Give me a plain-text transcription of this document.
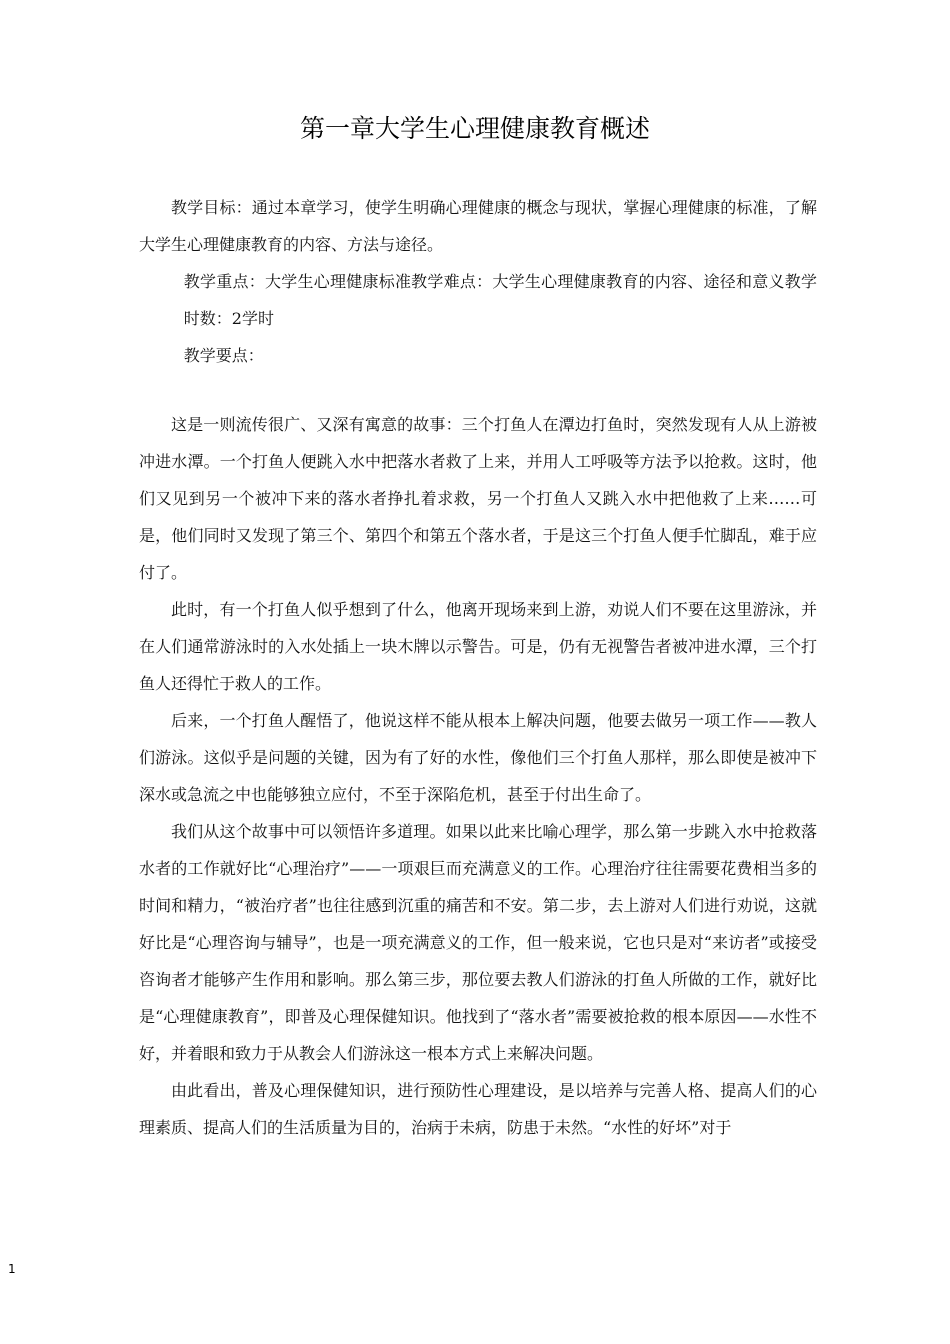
第一章大学生心理健康教育概述

教学目标：通过本章学习，使学生明确心理健康的概念与现状，掌握心理健康的标准，了解大学生心理健康教育的内容、方法与途径。

教学重点：大学生心理健康标准教学难点：大学生心理健康教育的内容、途径和意义教学时数：2学时

教学要点：

这是一则流传很广、又深有寓意的故事：三个打鱼人在潭边打鱼时，突然发现有人从上游被冲进水潭。一个打鱼人便跳入水中把落水者救了上来，并用人工呼吸等方法予以抢救。这时，他们又见到另一个被冲下来的落水者挣扎着求救，另一个打鱼人又跳入水中把他救了上来……可是，他们同时又发现了第三个、第四个和第五个落水者，于是这三个打鱼人便手忙脚乱，难于应付了。

此时，有一个打鱼人似乎想到了什么，他离开现场来到上游，劝说人们不要在这里游泳，并在人们通常游泳时的入水处插上一块木牌以示警告。可是，仍有无视警告者被冲进水潭，三个打鱼人还得忙于救人的工作。

后来，一个打鱼人醒悟了，他说这样不能从根本上解决问题，他要去做另一项工作——教人们游泳。这似乎是问题的关键，因为有了好的水性，像他们三个打鱼人那样，那么即使是被冲下深水或急流之中也能够独立应付，不至于深陷危机，甚至于付出生命了。

我们从这个故事中可以领悟许多道理。如果以此来比喻心理学，那么第一步跳入水中抢救落水者的工作就好比“心理治疗”——一项艰巨而充满意义的工作。心理治疗往往需要花费相当多的时间和精力，“被治疗者”也往往感到沉重的痛苦和不安。第二步，去上游对人们进行劝说，这就好比是“心理咨询与辅导”，也是一项充满意义的工作，但一般来说，它也只是对“来访者”或接受咨询者才能够产生作用和影响。那么第三步，那位要去教人们游泳的打鱼人所做的工作，就好比是“心理健康教育”，即普及心理保健知识。他找到了“落水者”需要被抢救的根本原因——水性不好，并着眼和致力于从教会人们游泳这一根本方式上来解决问题。

由此看出，普及心理保健知识，进行预防性心理建设，是以培养与完善人格、提高人们的心理素质、提高人们的生活质量为目的，治病于未病，防患于未然。“水性的好坏”对于

1
